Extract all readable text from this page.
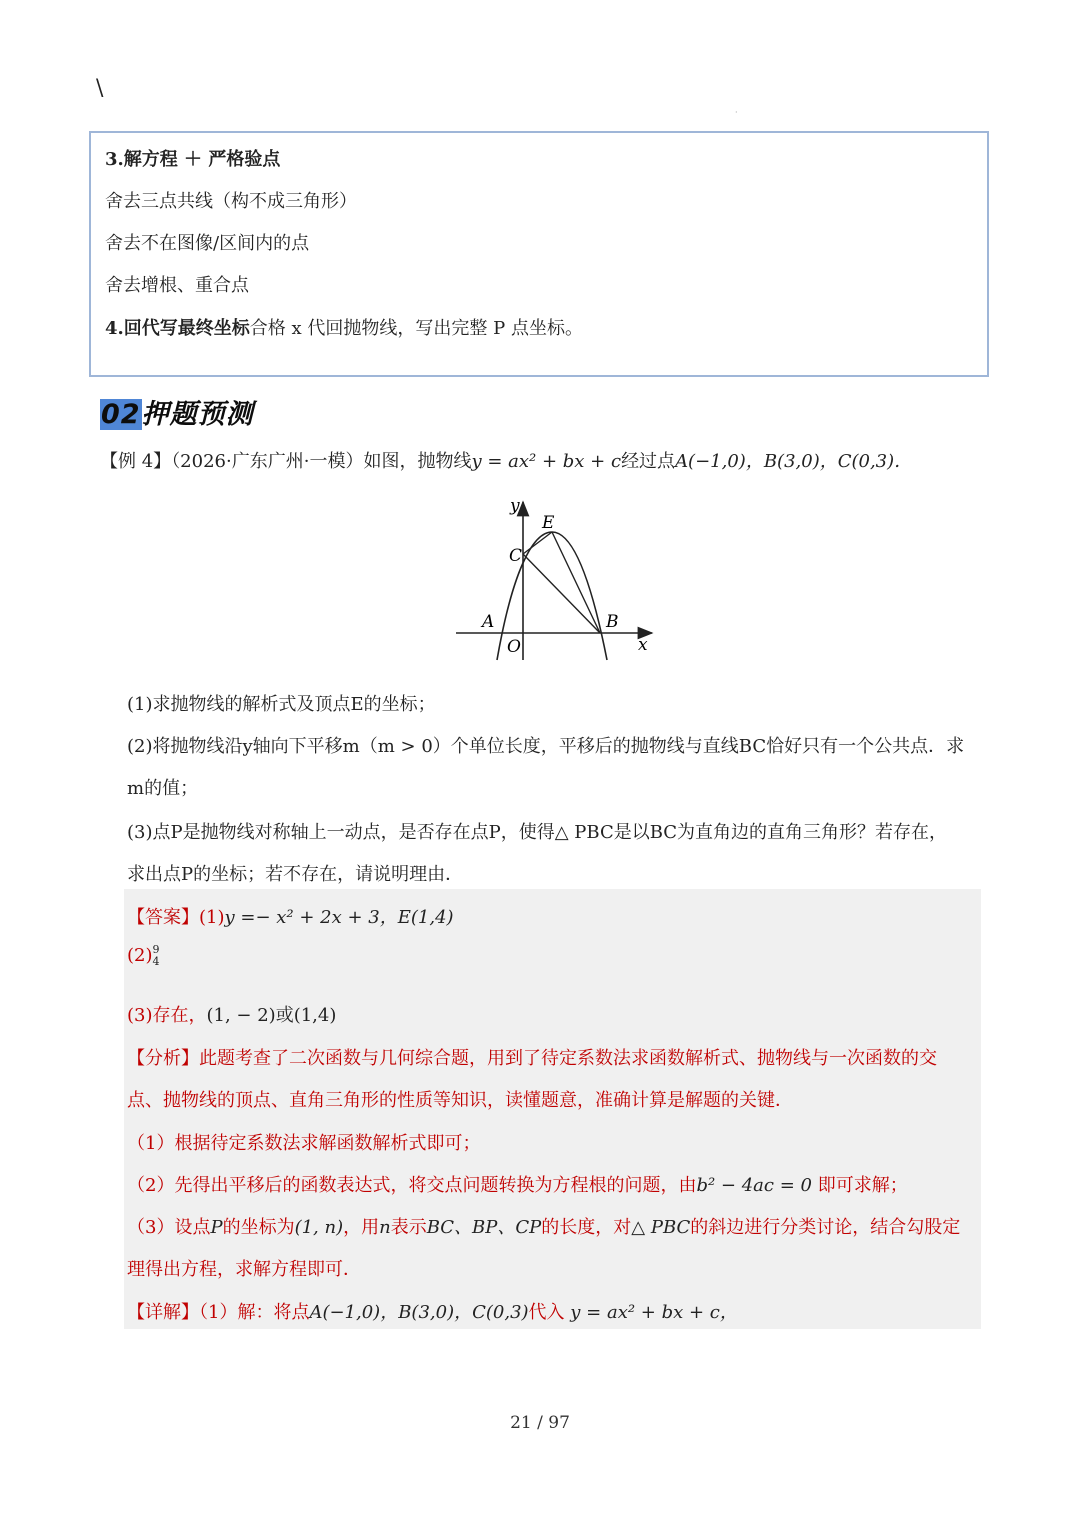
\
·
3.解方程 ＋ 严格验点
舍去三点共线（构不成三角形）
舍去不在图像/区间内的点
舍去增根、重合点
4.回代写最终坐标合格 x 代回抛物线，写出完整 P 点坐标。
02押题预测
【例 4】（2026·广东广州·一模）如图，抛物线y = ax² + bx + c经过点A(−1,0)，B(3,0)，C(0,3)．
y
E
C
A	B
O	x
(1)求抛物线的解析式及顶点E的坐标；
(2)将抛物线沿y轴向下平移m（m > 0）个单位长度，平移后的抛物线与直线BC恰好只有一个公共点．求
m的值；
(3)点P是抛物线对称轴上一动点，是否存在点P，使得△ PBC是以BC为直角边的直角三角形？若存在，
求出点P的坐标；若不存在，请说明理由．
【答案】(1)y =− x² + 2x + 3，E(1,4)
(2)9
4
(3)存在，(1, − 2)或(1,4)
【分析】此题考查了二次函数与几何综合题，用到了待定系数法求函数解析式、抛物线与一次函数的交
点、抛物线的顶点、直角三角形的性质等知识，读懂题意，准确计算是解题的关键．
（1）根据待定系数法求解函数解析式即可；
（2）先得出平移后的函数表达式，将交点问题转换为方程根的问题，由b² − 4ac = 0 即可求解；
（3）设点P的坐标为(1, n)，用n表示BC、BP、CP的长度，对△ PBC的斜边进行分类讨论，结合勾股定
理得出方程，求解方程即可．
【详解】（1）解：将点A(−1,0)，B(3,0)，C(0,3)代入 y = ax² + bx + c，
21 / 97
